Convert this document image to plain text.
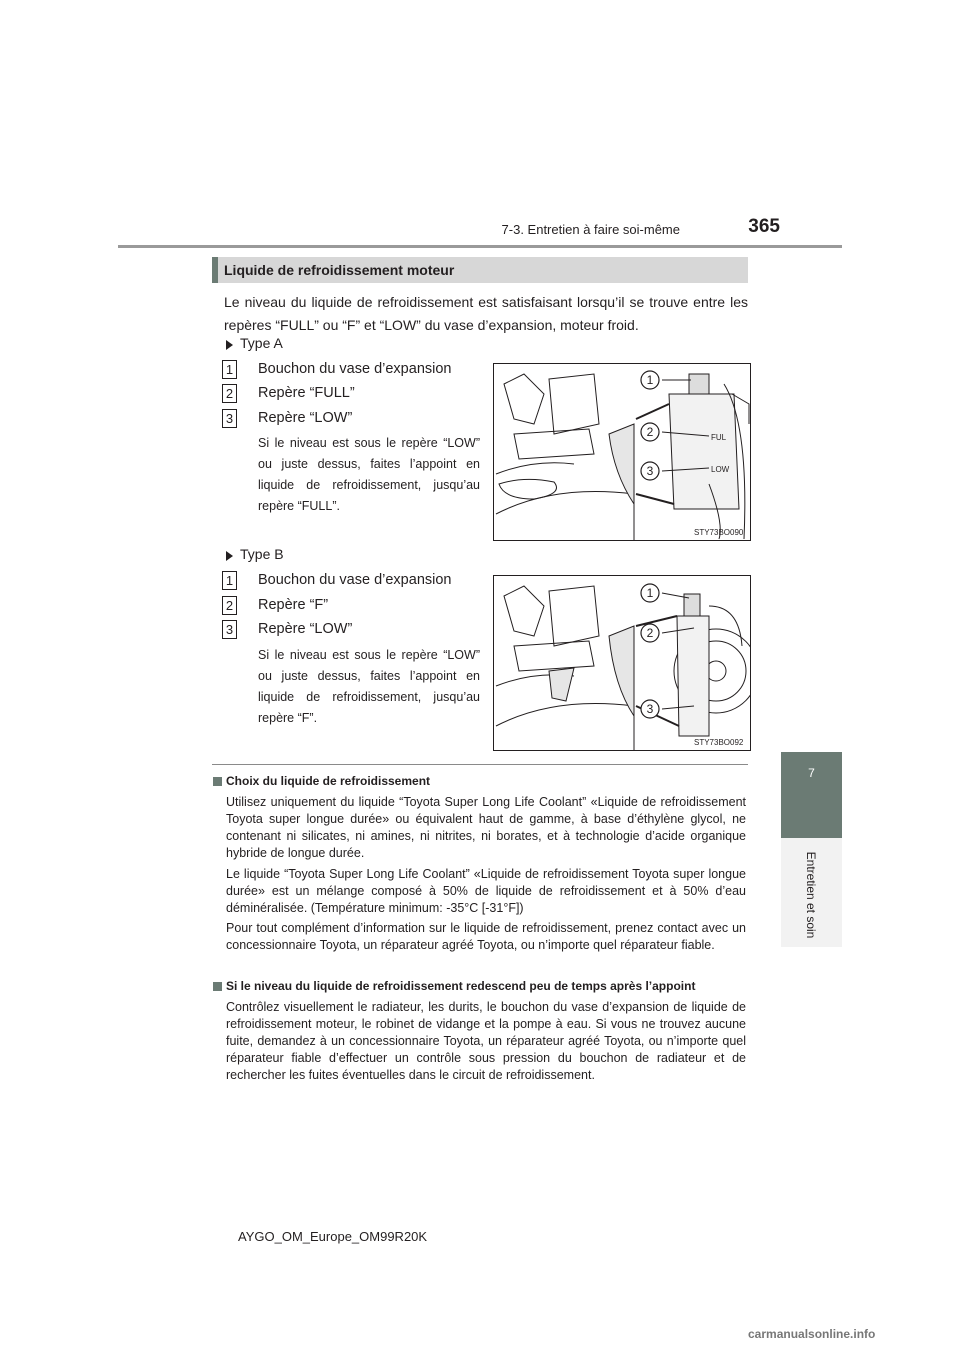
7-3. Entretien à faire soi-même	365
7
Entretien et soin
Liquide de refroidissement moteur
Le niveau du liquide de refroidissement est satisfaisant lorsqu’il se trouve entre les repères “FULL” ou “F” et “LOW” du vase d’expansion, moteur froid.
Type A
1 Bouchon du vase d’expansion
2 Repère “FULL”
3 Repère “LOW”
Si le niveau est sous le repère “LOW” ou juste dessus, faites l’appoint en liquide de refroidissement, jusqu’au repère “FULL”.
FUL
LOW
1
2
3
STY73BO090
Type B
1 Bouchon du vase d’expansion
2 Repère “F”
3 Repère “LOW”
Si le niveau est sous le repère “LOW” ou juste dessus, faites l’appoint en liquide de refroidissement, jusqu’au repère “F”.
1
2
3
STY73BO092
Choix du liquide de refroidissement
Utilisez uniquement du liquide “Toyota Super Long Life Coolant” «Liquide de refroidissement Toyota super longue durée» ou équivalent haut de gamme, à base d’éthylène glycol, ne contenant ni silicates, ni amines, ni nitrites, ni borates, et à technologie d’acide organique hybride de longue durée.
Le liquide “Toyota Super Long Life Coolant” «Liquide de refroidissement Toyota super longue durée» est un mélange composé à 50% de liquide de refroidissement et à 50% d’eau déminéralisée. (Température minimum: -35°C [-31°F])
Pour tout complément d’information sur le liquide de refroidissement, prenez contact avec un concessionnaire Toyota, un réparateur agréé Toyota, ou n’importe quel réparateur fiable.
Si le niveau du liquide de refroidissement redescend peu de temps après l’appoint
Contrôlez visuellement le radiateur, les durits, le bouchon du vase d’expansion de liquide de refroidissement moteur, le robinet de vidange et la pompe à eau. Si vous ne trouvez aucune fuite, demandez à un concessionnaire Toyota, un réparateur agréé Toyota, ou n’importe quel réparateur fiable d’effectuer un contrôle sous pression du bouchon de radiateur et de rechercher les fuites éventuelles dans le circuit de refroidissement.
AYGO_OM_Europe_OM99R20K
carmanualsonline.info
